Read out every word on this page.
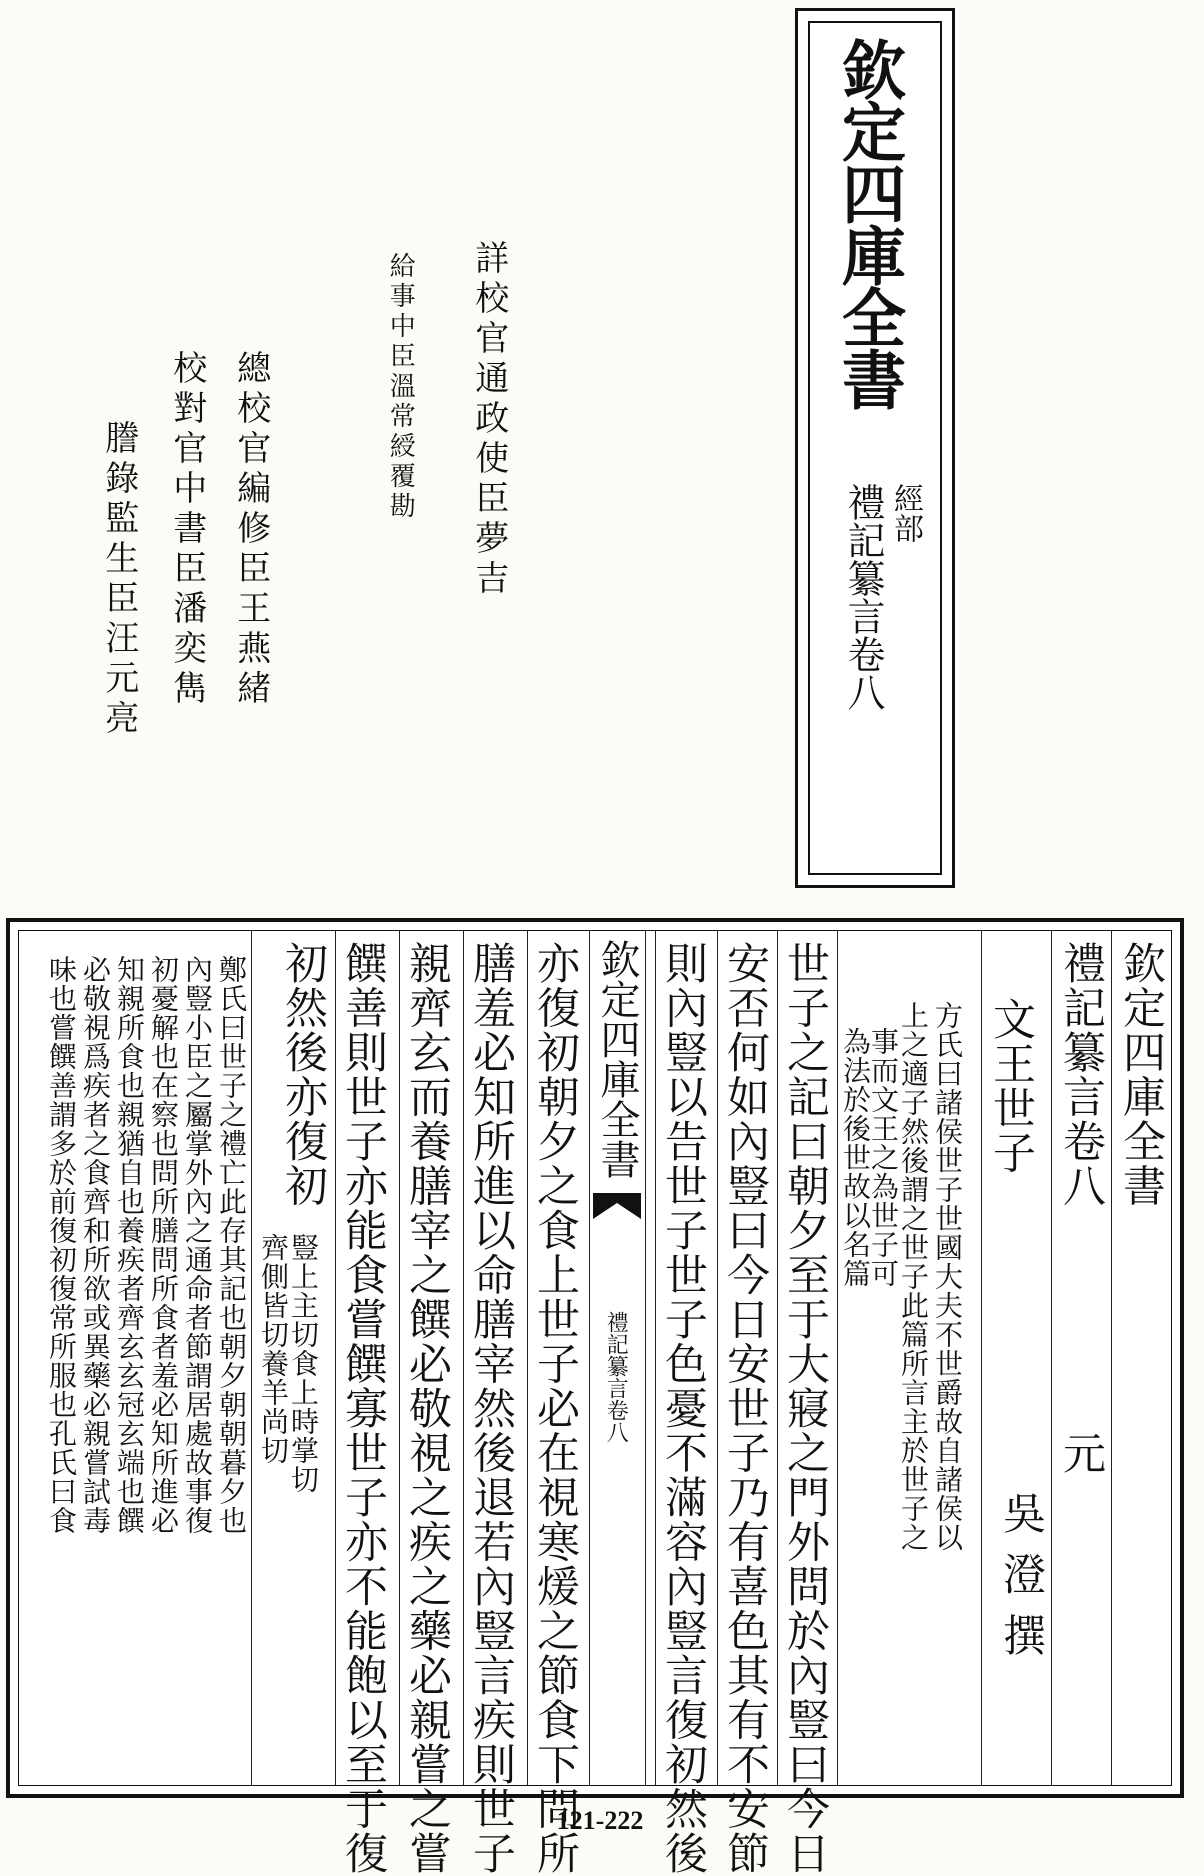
欽定四庫全書
經部
禮記纂言卷八
詳校官通政使臣夢吉
給事中臣溫常綬覆勘
總校官編修臣王燕緒
校對官中書臣潘奕雋
謄錄監生臣汪元亮
欽定四庫全書
禮記纂言卷八
元
文王世子
吳澄撰
方氏曰諸侯世子世國大夫不世爵故自諸侯以
上之適子然後謂之世子此篇所言主於世子之
事而文王之為世子可
為法於後世故以名篇
世子之記曰朝夕至于大寢之門外問於內豎曰今日
安否何如內豎曰今日安世子乃有喜色其有不安節
則內豎以告世子世子色憂不滿容內豎言復初然後
欽定四庫全書
禮記纂言卷八
亦復初朝夕之食上世子必在視寒煖之節食下問所
膳羞必知所進以命膳宰然後退若內豎言疾則世子
親齊玄而養膳宰之饌必敬視之疾之藥必親嘗之嘗
饌善則世子亦能食嘗饌寡世子亦不能飽以至于復
初然後亦復初
豎上主切食上時掌切
齊側皆切養羊尚切
鄭氏曰世子之禮亡此存其記也朝夕朝朝暮夕也
內豎小臣之屬掌外內之通命者節謂居處故事復
初憂解也在察也問所膳問所食者羞必知所進必
知親所食也親猶自也養疾者齊玄玄冠玄端也饌
必敬視爲疾者之食齊和所欲或異藥必親嘗試毒
味也嘗饌善謂多於前復初復常所服也孔氏曰食
121-222
